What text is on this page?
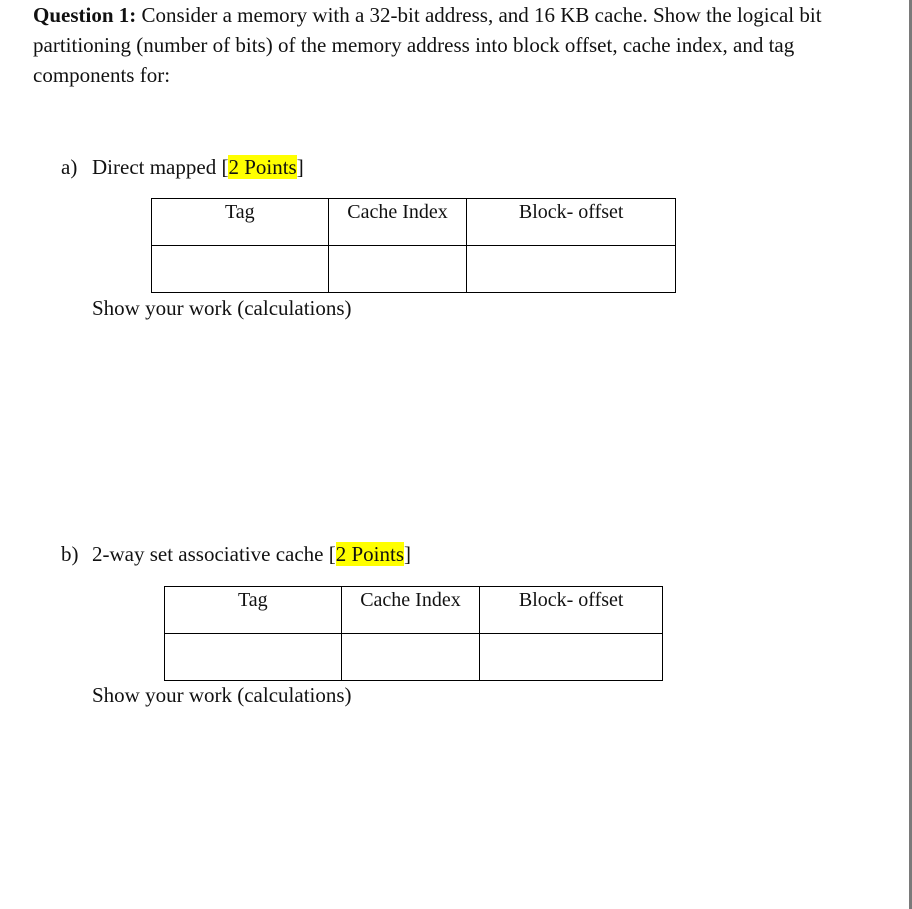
Question 1: Consider a memory with a 32-bit address, and 16 KB cache. Show the logical bit partitioning (number of bits) of the memory address into block offset, cache index, and tag components for:
a) Direct mapped [2 Points]
Tag	Cache Index	Block- offset

Show your work (calculations)
b) 2-way set associative cache [2 Points]
Tag	Cache Index	Block- offset

Show your work (calculations)
